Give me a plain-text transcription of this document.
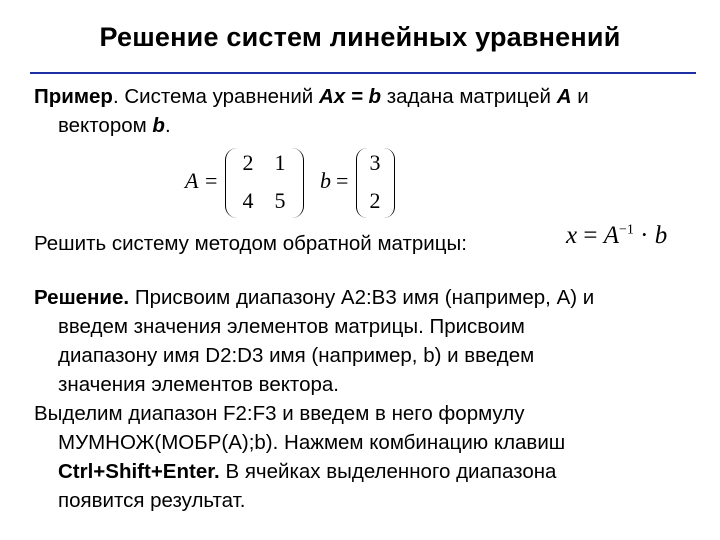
Решение систем линейных уравнений
Пример. Система уравнений Ax = b задана матрицей A и
вектором b.
A =
2 1
4 5
b =
3
2
Решить систему методом обратной матрицы:	$x = A^{-1} \cdot b$
Решение. Присвоим диапазону A2:B3 имя (например, A) и
введем значения элементов матрицы. Присвоим
диапазону имя D2:D3 имя (например, b) и введем
значения элементов вектора.
Выделим диапазон F2:F3 и введем в него формулу
МУМНОЖ(МОБР(A);b). Нажмем комбинацию клавиш
Ctrl+Shift+Enter. В ячейках выделенного диапазона
появится результат.
